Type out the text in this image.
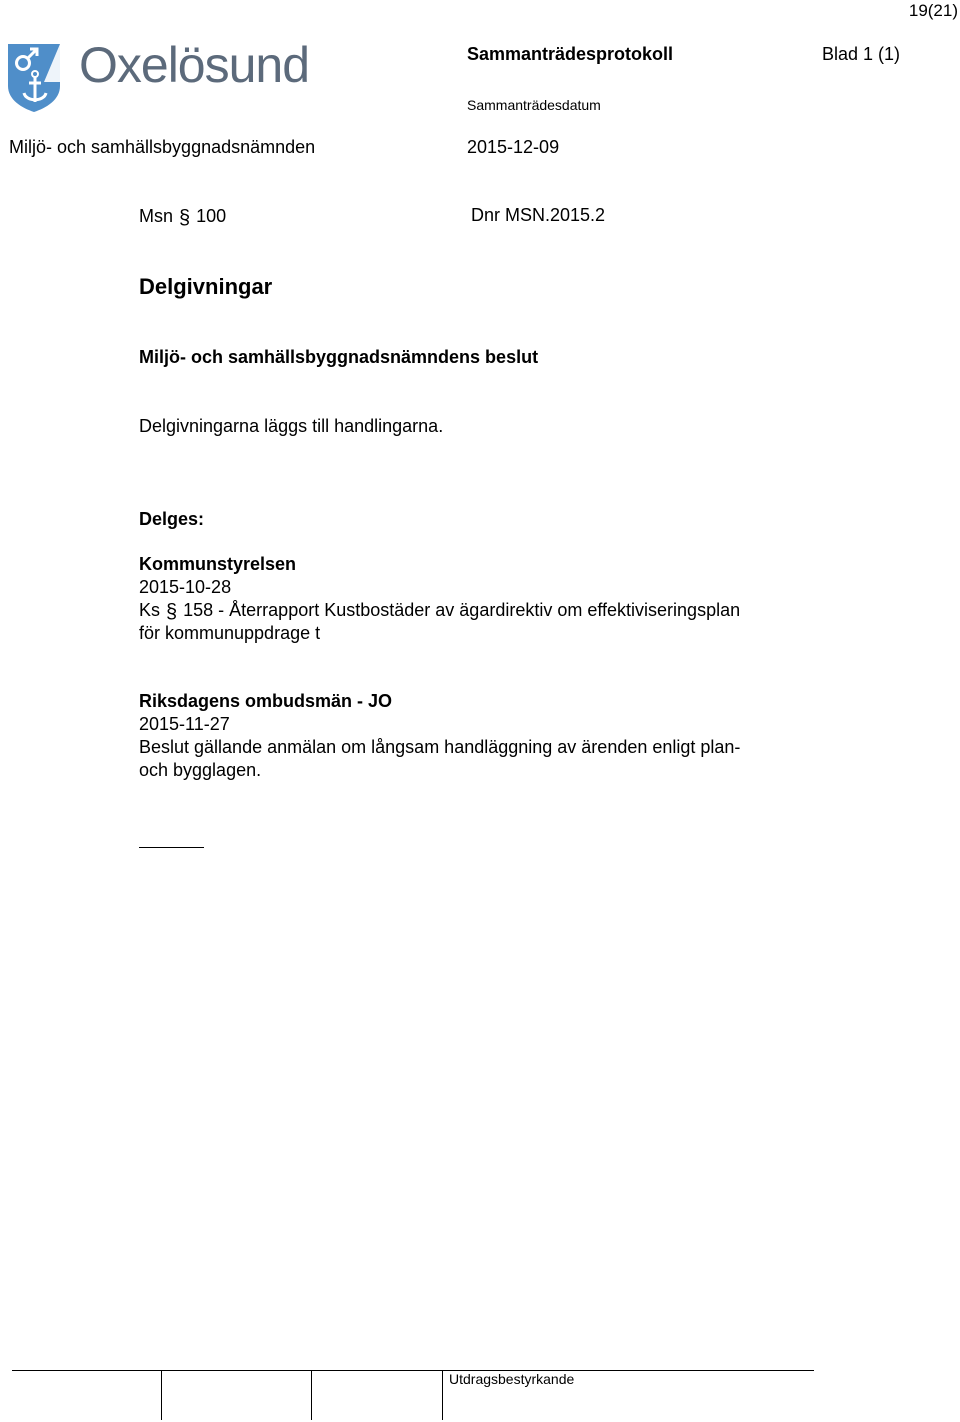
19(21)
Oxelösund	Sammanträdesprotokoll	Blad 1 (1)
Sammanträdesdatum
Miljö- och samhällsbyggnadsnämnden	2015-12-09
Msn § 100	Dnr MSN.2015.2
Delgivningar
Miljö- och samhällsbyggnadsnämndens beslut
Delgivningarna läggs till handlingarna.
Delges:
Kommunstyrelsen
2015-10-28
Ks § 158 - Återrapport Kustbostäder av ägardirektiv om effektiviseringsplan
för kommunuppdrage t
Riksdagens ombudsmän - JO
2015-11-27
Beslut gällande anmälan om långsam handläggning av ärenden enligt plan-
och bygglagen.
Utdragsbestyrkande
